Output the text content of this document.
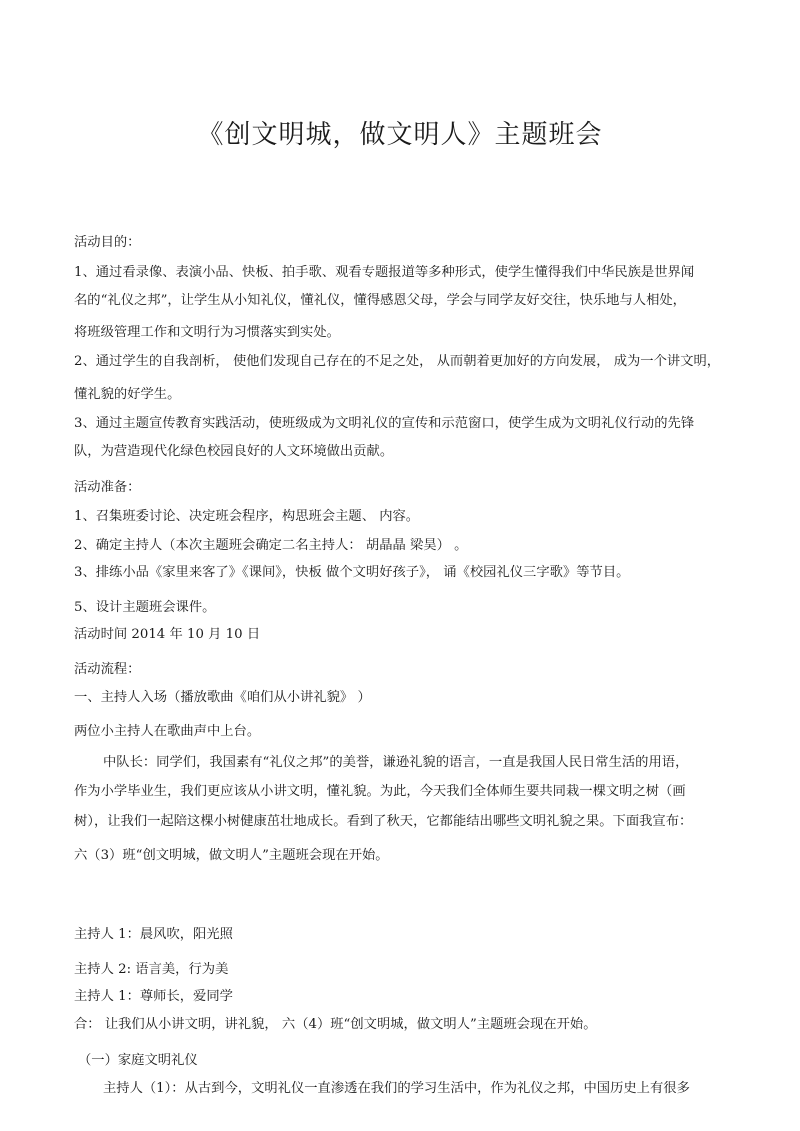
《创文明城，做文明人》主题班会
活动目的：
1、通过看录像、表演小品、快板、拍手歌、观看专题报道等多种形式，使学生懂得我们中华民族是世界闻
名的“礼仪之邦”，让学生从小知礼仪，懂礼仪，懂得感恩父母，学会与同学友好交往，快乐地与人相处，
将班级管理工作和文明行为习惯落实到实处。
2、通过学生的自我剖析， 使他们发现自己存在的不足之处， 从而朝着更加好的方向发展， 成为一个讲文明，
懂礼貌的好学生。
3、通过主题宣传教育实践活动，使班级成为文明礼仪的宣传和示范窗口，使学生成为文明礼仪行动的先锋
队，为营造现代化绿色校园良好的人文环境做出贡献。
活动准备：
1、召集班委讨论、决定班会程序，构思班会主题、 内容。
2、确定主持人（本次主题班会确定二名主持人： 胡晶晶 梁昊） 。
3、排练小品《家里来客了》《课间》，快板 做个文明好孩子》， 诵《校园礼仪三字歌》等节目。
5、设计主题班会课件。
活动时间 2014 年 10 月 10 日
活动流程：
一、主持人入场（播放歌曲《咱们从小讲礼貌》 ）
两位小主持人在歌曲声中上台。
中队长：同学们，我国素有“礼仪之邦”的美誉，谦逊礼貌的语言，一直是我国人民日常生活的用语，
作为小学毕业生，我们更应该从小讲文明，懂礼貌。为此，今天我们全体师生要共同栽一棵文明之树（画
树），让我们一起陪这棵小树健康茁壮地成长。看到了秋天，它都能结出哪些文明礼貌之果。下面我宣布：
六（3）班“创文明城，做文明人”主题班会现在开始。
主持人 1：晨风吹，阳光照
主持人 2: 语言美，行为美
主持人 1：尊师长，爱同学
合： 让我们从小讲文明，讲礼貌， 六（4）班“创文明城，做文明人”主题班会现在开始。
（一）家庭文明礼仪
主持人（1）：从古到今，文明礼仪一直渗透在我们的学习生活中，作为礼仪之邦，中国历史上有很多
